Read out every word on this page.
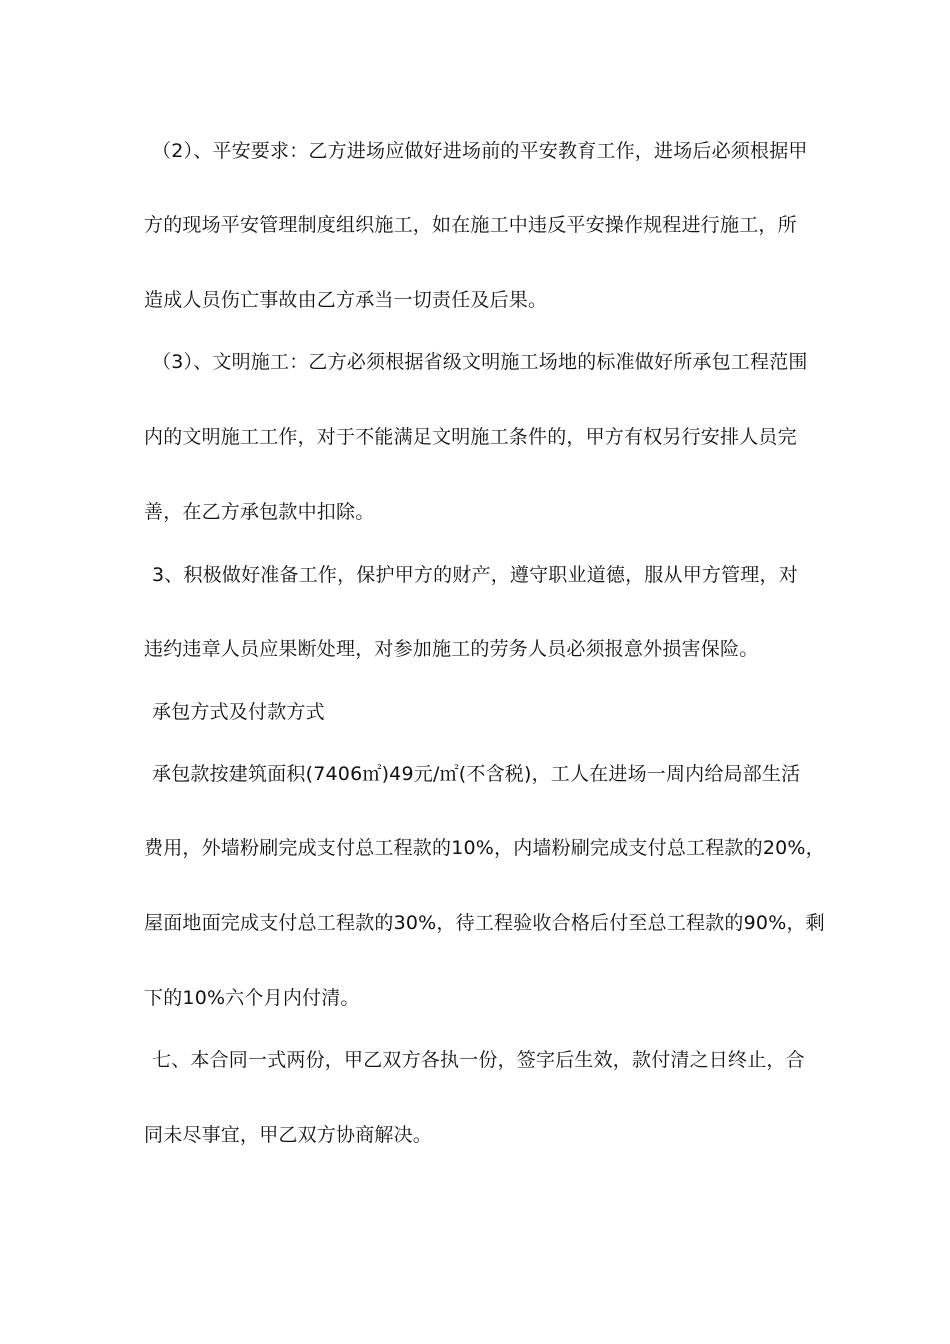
（2）、平安要求：乙方进场应做好进场前的平安教育工作，进场后必须根据甲
方的现场平安管理制度组织施工，如在施工中违反平安操作规程进行施工，所
造成人员伤亡事故由乙方承当一切责任及后果。
（3）、文明施工：乙方必须根据省级文明施工场地的标准做好所承包工程范围
内的文明施工工作，对于不能满足文明施工条件的，甲方有权另行安排人员完
善，在乙方承包款中扣除。
3、积极做好准备工作，保护甲方的财产，遵守职业道德，服从甲方管理，对
违约违章人员应果断处理，对参加施工的劳务人员必须报意外损害保险。
承包方式及付款方式
承包款按建筑面积(7406㎡)49元/㎡(不含税)，工人在进场一周内给局部生活
费用，外墙粉刷完成支付总工程款的10%，内墙粉刷完成支付总工程款的20%，
屋面地面完成支付总工程款的30%，待工程验收合格后付至总工程款的90%，剩
下的10%六个月内付清。
七、本合同一式两份，甲乙双方各执一份，签字后生效，款付清之日终止，合
同未尽事宜，甲乙双方协商解决。
